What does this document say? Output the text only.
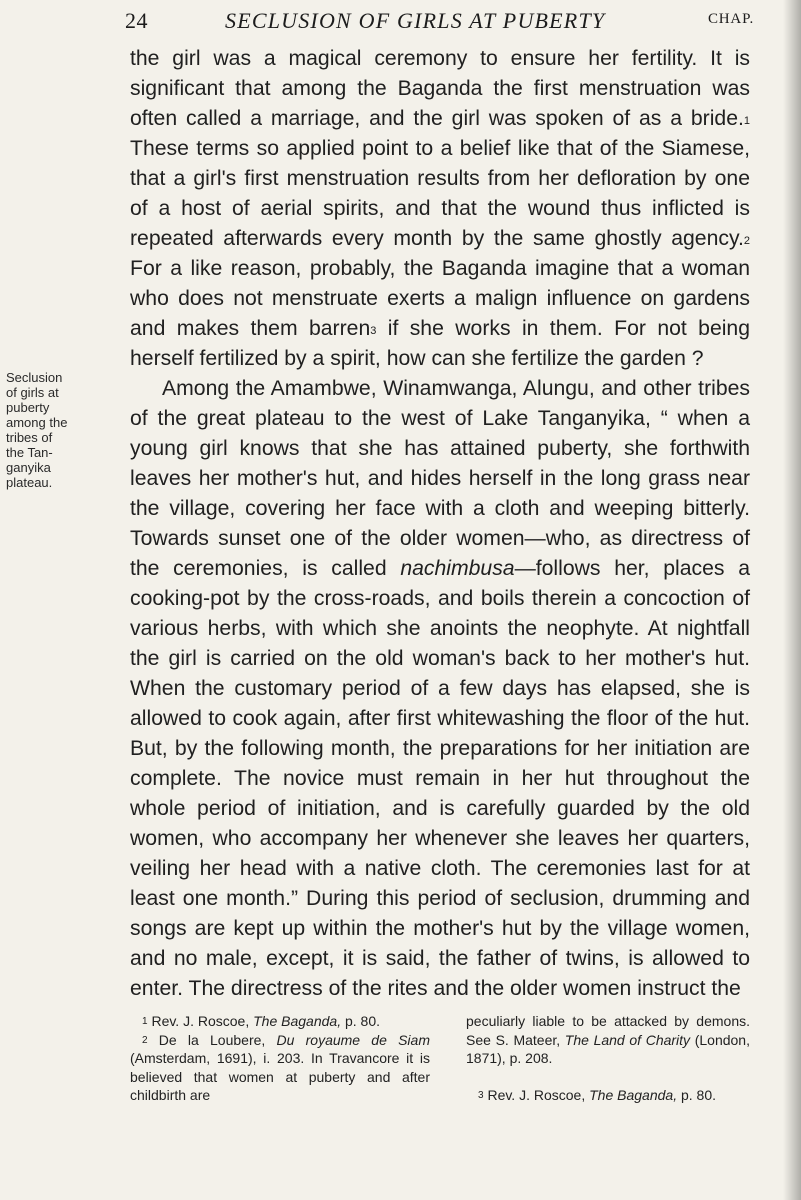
24	SECLUSION OF GIRLS AT PUBERTY	CHAP.
Seclusion
of girls at
puberty
among the
tribes of
the Tan-
ganyika
plateau.

the girl was a magical ceremony to ensure her fertility. It is significant that among the Baganda the first menstruation was often called a marriage, and the girl was spoken of as a bride.$^1$ These terms so applied point to a belief like that of the Siamese, that a girl's first menstruation results from her defloration by one of a host of aerial spirits, and that the wound thus inflicted is repeated afterwards every month by the same ghostly agency.$^2$ For a like reason, probably, the Baganda imagine that a woman who does not menstruate exerts a malign influence on gardens and makes them barren$^3$ if she works in them. For not being herself fertilized by a spirit, how can she fertilize the garden ?

Among the Amambwe, Winamwanga, Alungu, and other tribes of the great plateau to the west of Lake Tanganyika, “ when a young girl knows that she has attained puberty, she forthwith leaves her mother's hut, and hides herself in the long grass near the village, covering her face with a cloth and weeping bitterly. Towards sunset one of the older women—who, as directress of the ceremonies, is called nachimbusa—follows her, places a cooking-pot by the cross-roads, and boils therein a concoction of various herbs, with which she anoints the neophyte. At nightfall the girl is carried on the old woman's back to her mother's hut. When the customary period of a few days has elapsed, she is allowed to cook again, after first whitewashing the floor of the hut. But, by the following month, the preparations for her initiation are complete. The novice must remain in her hut throughout the whole period of initiation, and is carefully guarded by the old women, who accompany her whenever she leaves her quarters, veiling her head with a native cloth. The ceremonies last for at least one month.” During this period of seclusion, drumming and songs are kept up within the mother's hut by the village women, and no male, except, it is said, the father of twins, is allowed to enter. The directress of the rites and the older women instruct the

$^1$ Rev. J. Roscoe, The Baganda, p. 80.

$^2$ De la Loubere, Du royaume de Siam (Amsterdam, 1691), i. 203. In Travancore it is believed that women at puberty and after childbirth are

peculiarly liable to be attacked by demons. See S. Mateer, The Land of Charity (London, 1871), p. 208.

$^3$ Rev. J. Roscoe, The Baganda, p. 80.
